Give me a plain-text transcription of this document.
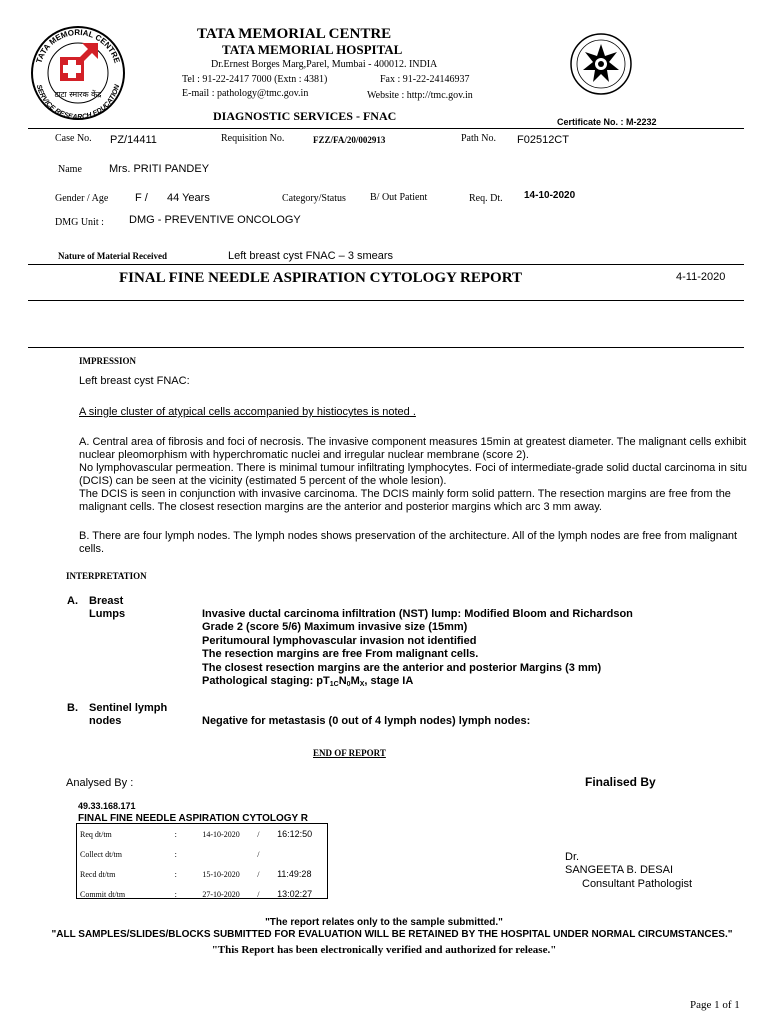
TATA MEMORIAL CENTRE
SERVICE RESEARCH EDUCATION
टाटा स्मारक केंद्र
TATA MEMORIAL CENTRE
TATA MEMORIAL HOSPITAL
Dr.Ernest Borges Marg,Parel, Mumbai - 400012. INDIA
Tel : 91-22-2417 7000 (Extn : 4381)	Fax : 91-22-24146937
E-mail : pathology@tmc.gov.in	Website : http://tmc.gov.in
DIAGNOSTIC SERVICES - FNAC	Certificate No. : M-2232
Case No. PZ/14411	Requisition No.	FZZ/FA/20/002913	Path No. F02512CT
Name Mrs. PRITI PANDEY
Gender / Age F / 44 Years	Category/Status B/ Out Patient	Req. Dt. 14-10-2020
DMG Unit : DMG - PREVENTIVE ONCOLOGY
Nature of Material Received	Left breast cyst FNAC – 3 smears
FINAL FINE NEEDLE ASPIRATION CYTOLOGY REPORT	4-11-2020
IMPRESSION
Left breast cyst FNAC:
A single cluster of atypical cells accompanied by histiocytes is noted .

A. Central area of fibrosis and foci of necrosis. The invasive component measures 15min at greatest diameter. The malignant cells exhibit nuclear pleomorphism with hyperchromatic nuclei and irregular nuclear membrane (score 2).

No lymphovascular permeation. There is minimal tumour infiltrating lymphocytes. Foci of intermediate-grade solid ductal carcinoma in situ (DCIS) can be seen at the vicinity (estimated 5 percent of the whole lesion).

The DCIS is seen in conjunction with invasive carcinoma. The DCIS mainly form solid pattern. The resection margins are free from the malignant cells. The closest resection margins are the anterior and posterior margins which arc 3 mm away.

B. There are four lymph nodes. The lymph nodes shows preservation of the architecture. All of the lymph nodes are free from malignant cells.

INTERPRETATION
A. Breast
Lumps	Invasive ductal carcinoma infiltration (NST) lump: Modified Bloom and Richardson
Grade 2 (score 5/6) Maximum invasive size (15mm)
Peritumoural lymphovascular invasion not identified
The resection margins are free From malignant cells.
The closest resection margins are the anterior and posterior Margins (3 mm)
Pathological staging: $pT_{1C}N_0M_X$, stage IA
B. Sentinel lymph
nodes	Negative for metastasis (0 out of 4 lymph nodes) lymph nodes:
END OF REPORT
Analysed By :	Finalised By
49.33.168.171
FINAL FINE NEEDLE ASPIRATION CYTOLOGY R
Req dt/tm	:	14-10-2020	/	16:12:50
Collect dt/tm	:		/	
Recd dt/tm	:	15-10-2020	/	11:49:28
Commit dt/tm	:	27-10-2020	/	13:02:27
Dr.
SANGEETA B. DESAI
Consultant Pathologist
"The report relates only to the sample submitted."
"ALL SAMPLES/SLIDES/BLOCKS SUBMITTED FOR EVALUATION WILL BE RETAINED BY THE HOSPITAL UNDER NORMAL CIRCUMSTANCES."
"This Report has been electronically verified and authorized for release."
Page 1 of 1
